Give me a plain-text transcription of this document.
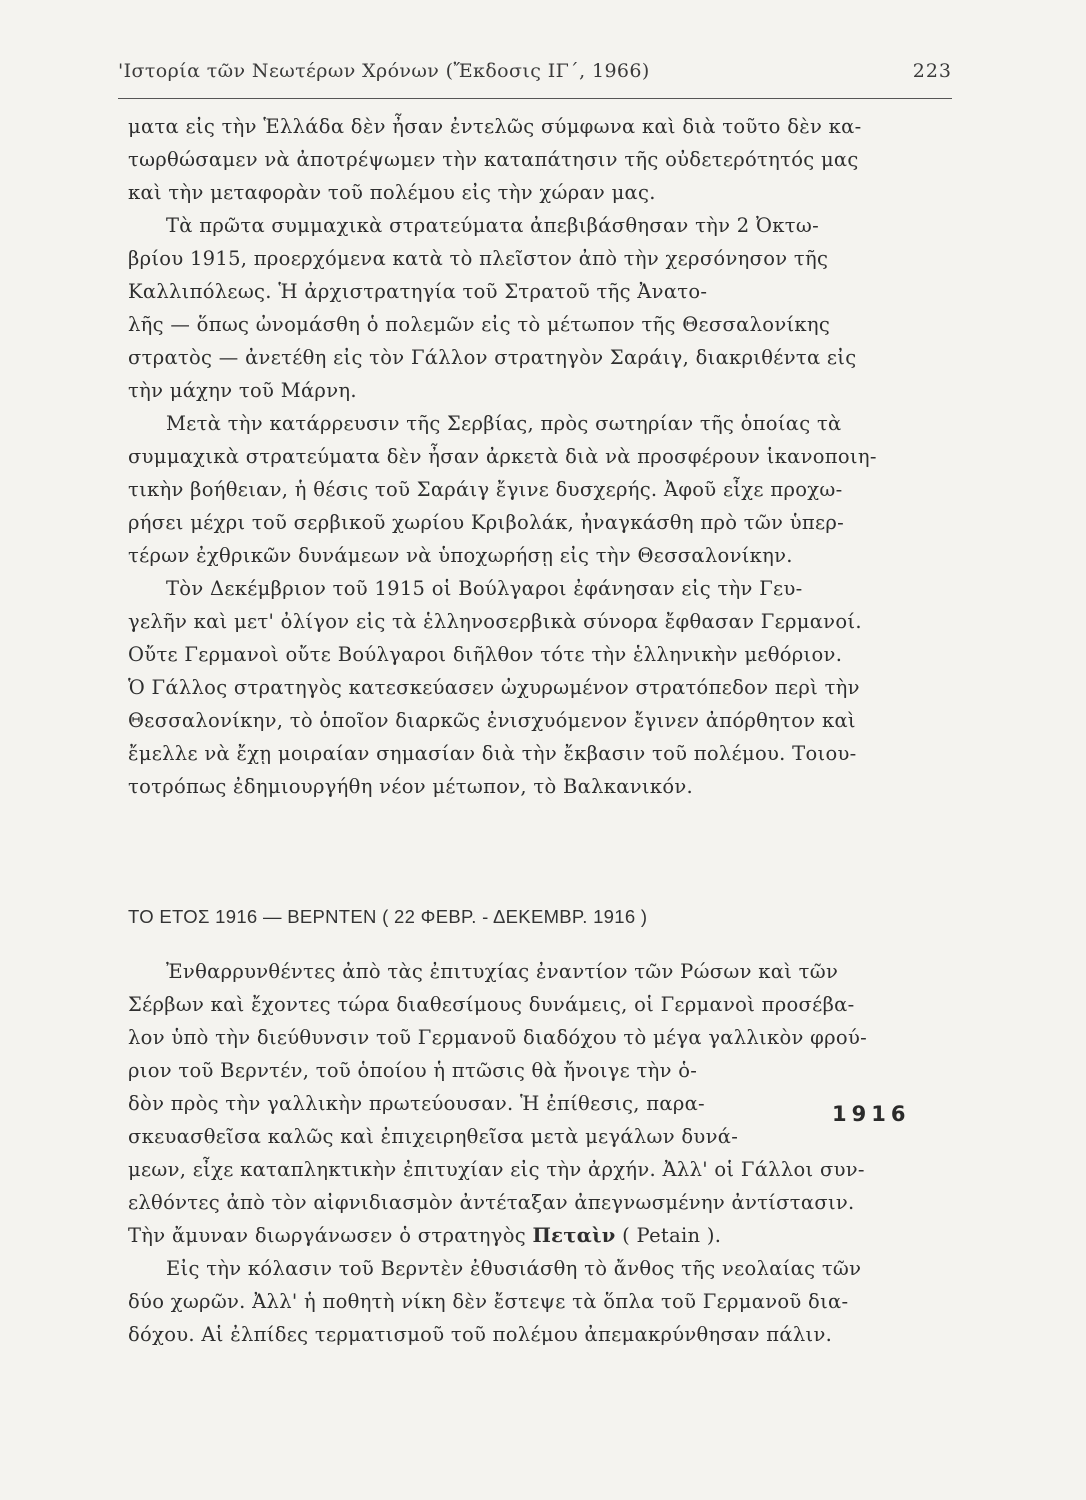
'Ιστορία τῶν Νεωτέρων Χρόνων (Ἔκδοσις ΙΓ΄, 1966)	223
ματα εἰς τὴν Ἑλλάδα δὲν ἦσαν ἐντελῶς σύμφωνα καὶ διὰ τοῦτο δὲν κα-
τωρθώσαμεν νὰ ἀποτρέψωμεν τὴν καταπάτησιν τῆς οὐδετερότητός μας
καὶ τὴν μεταφορὰν τοῦ πολέμου εἰς τὴν χώραν μας.
Τὰ πρῶτα συμμαχικὰ στρατεύματα ἀπεβιβάσθησαν τὴν 2 Ὀκτω-
βρίου 1915, προερχόμενα κατὰ τὸ πλεῖστον ἀπὸ τὴν χερσόνησον τῆς
Καλλιπόλεως. Ἡ ἀρχιστρατηγία τοῦ Στρατοῦ τῆς Ἀνατο-
λῆς — ὅπως ὠνομάσθη ὁ πολεμῶν εἰς τὸ μέτωπον τῆς Θεσσαλονίκης
στρατὸς — ἀνετέθη εἰς τὸν Γάλλον στρατηγὸν Σαράιγ, διακριθέντα εἰς
τὴν μάχην τοῦ Μάρνη.
Μετὰ τὴν κατάρρευσιν τῆς Σερβίας, πρὸς σωτηρίαν τῆς ὁποίας τὰ
συμμαχικὰ στρατεύματα δὲν ἦσαν ἀρκετὰ διὰ νὰ προσφέρουν ἱκανοποιη-
τικὴν βοήθειαν, ἡ θέσις τοῦ Σαράιγ ἔγινε δυσχερής. Ἀφοῦ εἶχε προχω-
ρήσει μέχρι τοῦ σερβικοῦ χωρίου Κριβολάκ, ἠναγκάσθη πρὸ τῶν ὑπερ-
τέρων ἐχθρικῶν δυνάμεων νὰ ὑποχωρήσῃ εἰς τὴν Θεσσαλονίκην.
Τὸν Δεκέμβριον τοῦ 1915 οἱ Βούλγαροι ἐφάνησαν εἰς τὴν Γευ-
γελῆν καὶ μετ' ὀλίγον εἰς τὰ ἑλληνοσερβικὰ σύνορα ἔφθασαν Γερμανοί.
Οὔτε Γερμανοὶ οὔτε Βούλγαροι διῆλθον τότε τὴν ἑλληνικὴν μεθόριον.
Ὁ Γάλλος στρατηγὸς κατεσκεύασεν ὠχυρωμένον στρατόπεδον περὶ τὴν
Θεσσαλονίκην, τὸ ὁποῖον διαρκῶς ἐνισχυόμενον ἔγινεν ἀπόρθητον καὶ
ἔμελλε νὰ ἔχῃ μοιραίαν σημασίαν διὰ τὴν ἔκβασιν τοῦ πολέμου. Τοιου-
τοτρόπως ἐδημιουργήθη νέον μέτωπον, τὸ Βαλκανικόν.
ΤΟ ΕΤΟΣ 1916 — ΒΕΡΝΤΕΝ ( 22 ΦΕΒΡ. - ΔΕΚΕΜΒΡ. 1916 )
1916
Ἐνθαρρυνθέντες ἀπὸ τὰς ἐπιτυχίας ἐναντίον τῶν Ρώσων καὶ τῶν
Σέρβων καὶ ἔχοντες τώρα διαθεσίμους δυνάμεις, οἱ Γερμανοὶ προσέβα-
λον ὑπὸ τὴν διεύθυνσιν τοῦ Γερμανοῦ διαδόχου τὸ μέγα γαλλικὸν φρού-
ριον τοῦ Βερντέν, τοῦ ὁποίου ἡ πτῶσις θὰ ἤνοιγε τὴν ὁ-
δὸν πρὸς τὴν γαλλικὴν πρωτεύουσαν. Ἡ ἐπίθεσις, παρα-
σκευασθεῖσα καλῶς καὶ ἐπιχειρηθεῖσα μετὰ μεγάλων δυνά-
μεων, εἶχε καταπληκτικὴν ἐπιτυχίαν εἰς τὴν ἀρχήν. Ἀλλ' οἱ Γάλλοι συν-
ελθόντες ἀπὸ τὸν αἰφνιδιασμὸν ἀντέταξαν ἀπεγνωσμένην ἀντίστασιν.
Τὴν ἄμυναν διωργάνωσεν ὁ στρατηγὸς Πεταὶν ( Petain ).
Εἰς τὴν κόλασιν τοῦ Βερντὲν ἐθυσιάσθη τὸ ἄνθος τῆς νεολαίας τῶν
δύο χωρῶν. Ἀλλ' ἡ ποθητὴ νίκη δὲν ἔστεψε τὰ ὅπλα τοῦ Γερμανοῦ δια-
δόχου. Αἱ ἐλπίδες τερματισμοῦ τοῦ πολέμου ἀπεμακρύνθησαν πάλιν.
